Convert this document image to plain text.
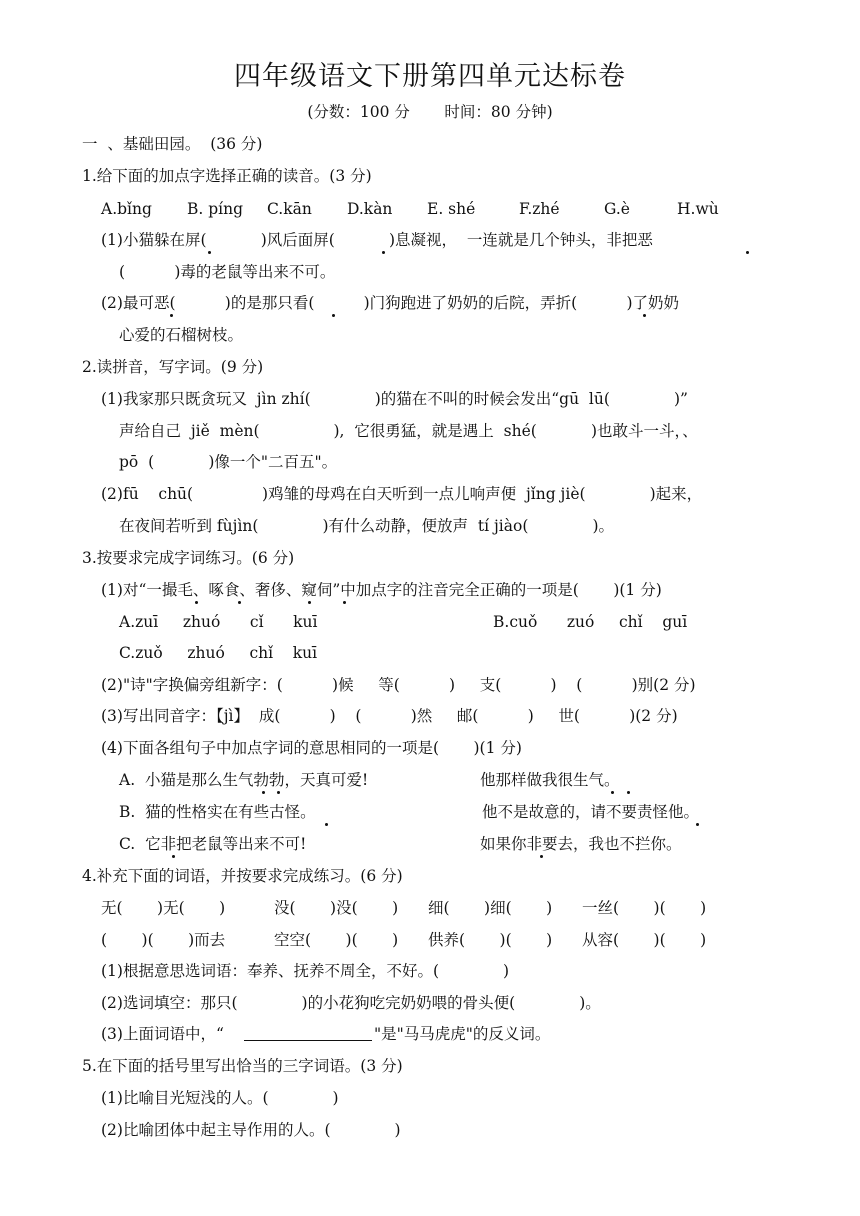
四年级语文下册第四单元达标卷
(分数：100 分       时间：80 分钟)
一  、基础田园。  (36 分)
1.给下面的加点字选择正确的读音。(3 分)
A.bǐng B. píng C.kān D.kàn E. shé	F.zhé	G.è	H.wù
(1)小猫躲在屏(           )风后面屏(           )息凝视，  一连就是几个钟头，非把恶
(          )毒的老鼠等出来不可。
(2)最可恶(          )的是那只看(          )门狗跑进了奶奶的后院，弄折(          )了奶奶
心爱的石榴树枝。
2.读拼音，写字词。(9 分)
(1)我家那只既贪玩又  jìn zhí(             )的猫在不叫的时候会发出“gū  lū(             )”
声给自己  jiě  mèn(               ),  它很勇猛，就是遇上  shé(           )也敢斗一斗，、
pō  (           )像一个"二百五"。
(2)fū    chū(              )鸡雏的母鸡在白天听到一点儿响声便  jǐng jiè(             )起来，
在夜间若听到 fùjìn(             )有什么动静，便放声  tí jiào(             )。
3.按要求完成字词练习。(6 分)
(1)对“一撮毛、啄食、奢侈、窥伺”中加点字的注音完全正确的一项是(       )(1 分)
A.zuī     zhuó      cǐ      kuī	B.cuǒ      zuó     chǐ    guī
C.zuǒ     zhuó     chǐ    kuī
(2)"诗"字换偏旁组新字：(          )候     等(          )     支(          )    (          )别(2 分)
(3)写出同音字：【jì】  成(          )    (          )然     邮(          )     世(          )(2 分)
(4)下面各组句子中加点字词的意思相同的一项是(       )(1 分)
A.  小猫是那么生气勃勃，天真可爱!	他那样做我很生气。
B.  猫的性格实在有些古怪。	他不是故意的，请不要责怪他。
C.  它非把老鼠等出来不可!	如果你非要去，我也不拦你。
4.补充下面的词语，并按要求完成练习。(6 分)
无(       )无(       )	没(       )没(       ) 细(       )细(       ) 一丝(       )(       )
(       )(       )而去	空空(       )(       ) 供养(       )(       ) 从容(       )(       )
(1)根据意思选词语：奉养、抚养不周全，不好。(             )
(2)选词填空：那只(             )的小花狗吃完奶奶喂的骨头便(             )。
(3)上面词语中，“	"是"马马虎虎"的反义词。
5.在下面的括号里写出恰当的三字词语。(3 分)
(1)比喻目光短浅的人。(             )
(2)比喻团体中起主导作用的人。(             )
